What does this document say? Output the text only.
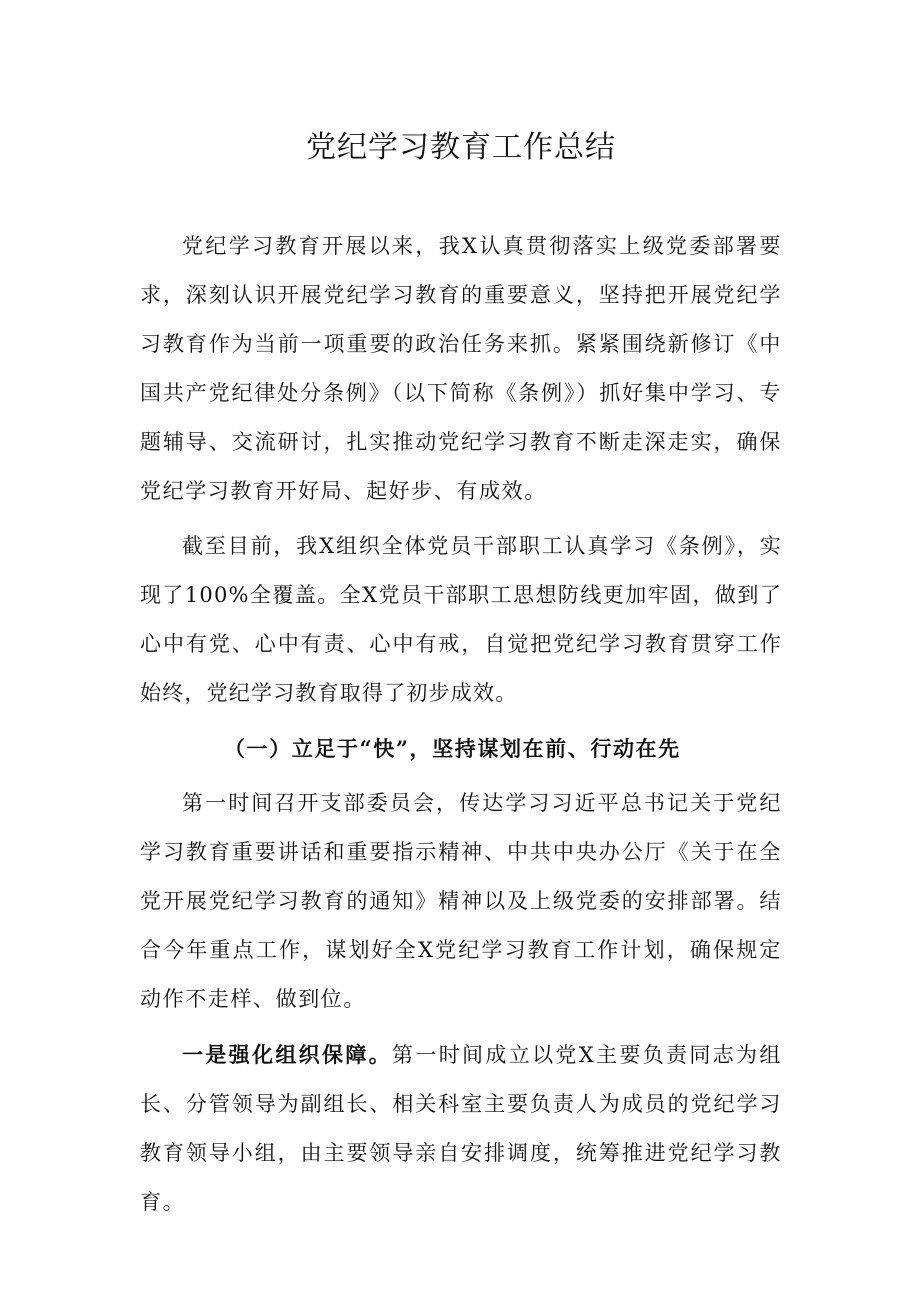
党纪学习教育工作总结

党纪学习教育开展以来，我X认真贯彻落实上级党委部署要求，深刻认识开展党纪学习教育的重要意义，坚持把开展党纪学习教育作为当前一项重要的政治任务来抓。紧紧围绕新修订《中国共产党纪律处分条例》（以下简称《条例》）抓好集中学习、专题辅导、交流研讨，扎实推动党纪学习教育不断走深走实，确保党纪学习教育开好局、起好步、有成效。

截至目前，我X组织全体党员干部职工认真学习《条例》，实现了100%全覆盖。全X党员干部职工思想防线更加牢固，做到了心中有党、心中有责、心中有戒，自觉把党纪学习教育贯穿工作始终，党纪学习教育取得了初步成效。

（一）立足于“快”，坚持谋划在前、行动在先

第一时间召开支部委员会，传达学习习近平总书记关于党纪学习教育重要讲话和重要指示精神、中共中央办公厅《关于在全党开展党纪学习教育的通知》精神以及上级党委的安排部署。结合今年重点工作，谋划好全X党纪学习教育工作计划，确保规定动作不走样、做到位。

一是强化组织保障。第一时间成立以党X主要负责同志为组长、分管领导为副组长、相关科室主要负责人为成员的党纪学习教育领导小组，由主要领导亲自安排调度，统筹推进党纪学习教育。
